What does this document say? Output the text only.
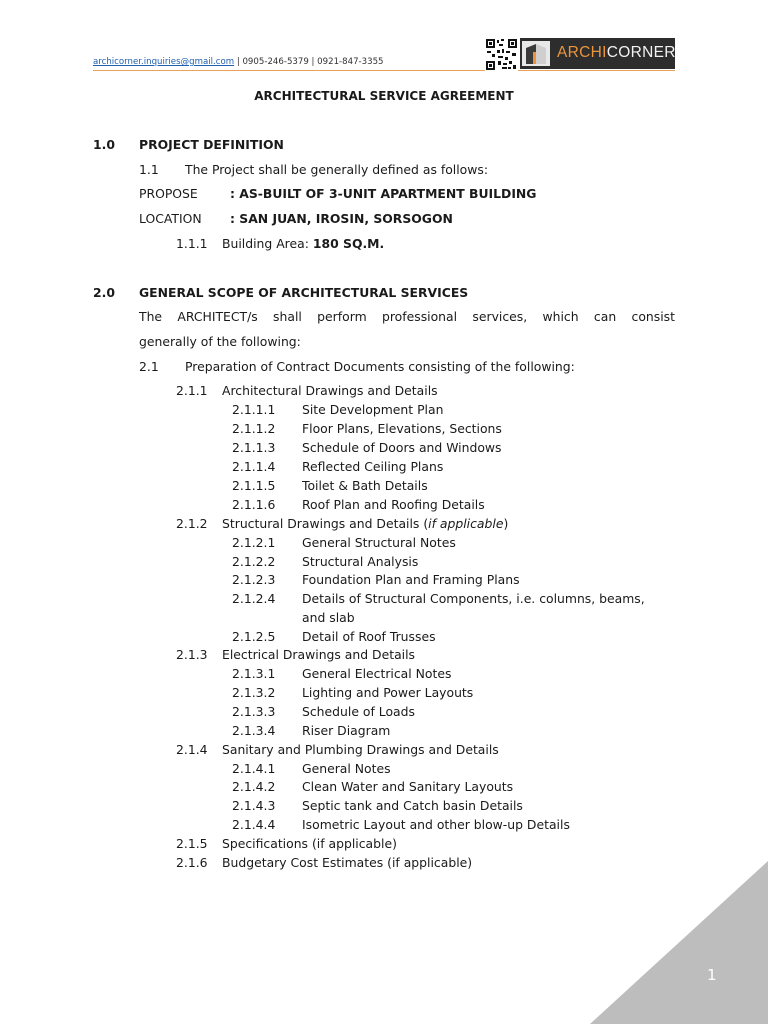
archicorner.inquiries@gmail.com | 0905-246-5379 | 0921-847-3355
ARCHICORNER
ARCHITECTURAL SERVICE AGREEMENT
1.0 PROJECT DEFINITION
1.1 The Project shall be generally defined as follows:
PROPOSE	: AS-BUILT OF 3-UNIT APARTMENT BUILDING
LOCATION : SAN JUAN, IROSIN, SORSOGON
1.1.1 Building Area: 180 SQ.M.
2.0 GENERAL SCOPE OF ARCHITECTURAL SERVICES
The ARCHITECT/s shall perform professional services, which can consist
generally of the following:
2.1 Preparation of Contract Documents consisting of the following:
2.1.1 Architectural Drawings and Details
2.1.1.1 Site Development Plan
2.1.1.2 Floor Plans, Elevations, Sections
2.1.1.3 Schedule of Doors and Windows
2.1.1.4 Reflected Ceiling Plans
2.1.1.5 Toilet & Bath Details
2.1.1.6 Roof Plan and Roofing Details
2.1.2 Structural Drawings and Details (if applicable)
2.1.2.1 General Structural Notes
2.1.2.2 Structural Analysis
2.1.2.3 Foundation Plan and Framing Plans
2.1.2.4 Details of Structural Components, i.e. columns, beams,
and slab
2.1.2.5 Detail of Roof Trusses
2.1.3 Electrical Drawings and Details
2.1.3.1 General Electrical Notes
2.1.3.2 Lighting and Power Layouts
2.1.3.3 Schedule of Loads
2.1.3.4 Riser Diagram
2.1.4 Sanitary and Plumbing Drawings and Details
2.1.4.1 General Notes
2.1.4.2 Clean Water and Sanitary Layouts
2.1.4.3 Septic tank and Catch basin Details
2.1.4.4 Isometric Layout and other blow-up Details
2.1.5 Specifications (if applicable)
2.1.6 Budgetary Cost Estimates (if applicable)
1
